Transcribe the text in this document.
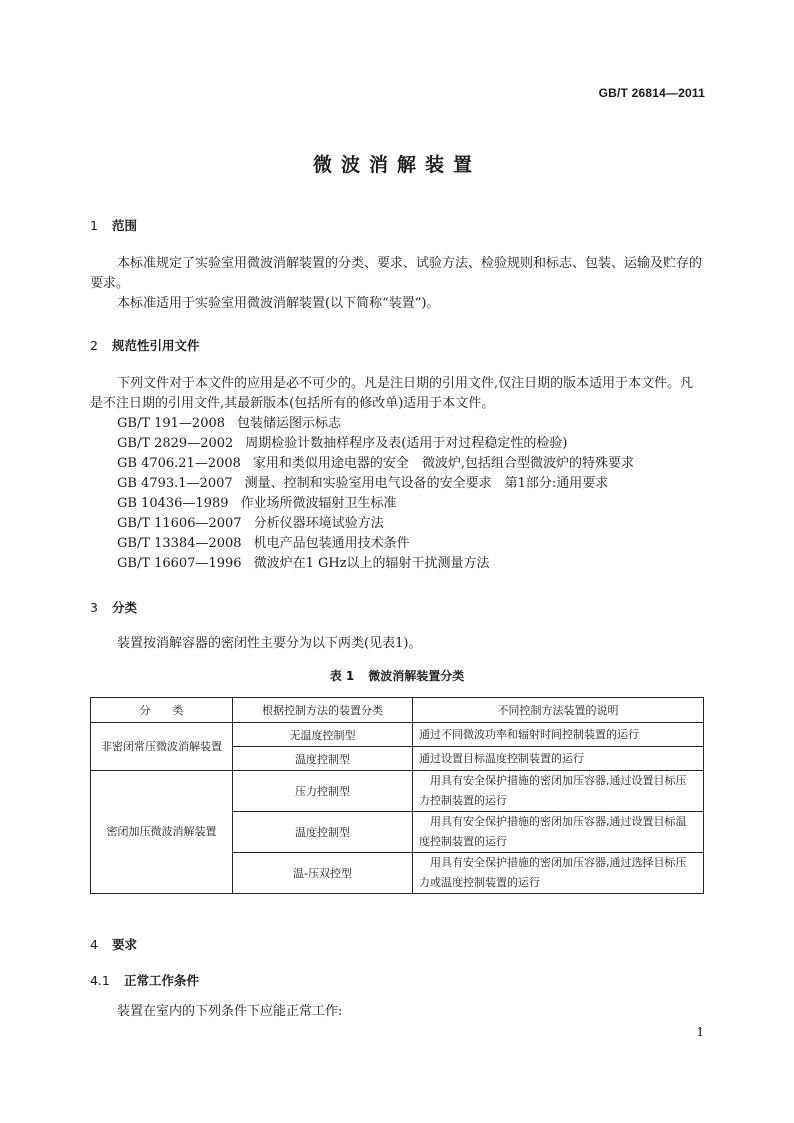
GB/T 26814—2011
微波消解装置
1 范围
本标准规定了实验室用微波消解装置的分类、要求、试验方法、检验规则和标志、包装、运输及贮存的要求。
本标准适用于实验室用微波消解装置(以下简称“装置”)。
2 规范性引用文件
下列文件对于本文件的应用是必不可少的。凡是注日期的引用文件,仅注日期的版本适用于本文件。凡是不注日期的引用文件,其最新版本(包括所有的修改单)适用于本文件。
GB/T 191—2008 包装储运图示标志
GB/T 2829—2002 周期检验计数抽样程序及表(适用于对过程稳定性的检验)
GB 4706.21—2008 家用和类似用途电器的安全　微波炉,包括组合型微波炉的特殊要求
GB 4793.1—2007 测量、控制和实验室用电气设备的安全要求　第1部分:通用要求
GB 10436—1989 作业场所微波辐射卫生标准
GB/T 11606—2007 分析仪器环境试验方法
GB/T 13384—2008 机电产品包装通用技术条件
GB/T 16607—1996 微波炉在1 GHz以上的辐射干扰测量方法
3 分类
装置按消解容器的密闭性主要分为以下两类(见表1)。
表 1 微波消解装置分类
分　　类	根据控制方法的装置分类	不同控制方法装置的说明
非密闭常压微波消解装置	无温度控制型	通过不同微波功率和辐射时间控制装置的运行
	温度控制型	通过设置目标温度控制装置的运行
密闭加压微波消解装置	压力控制型	用具有安全保护措施的密闭加压容器,通过设置目标压力控制装置的运行
	温度控制型	用具有安全保护措施的密闭加压容器,通过设置目标温度控制装置的运行
	温-压双控型	用具有安全保护措施的密闭加压容器,通过选择目标压力或温度控制装置的运行
4 要求
4.1 正常工作条件
装置在室内的下列条件下应能正常工作:
1
